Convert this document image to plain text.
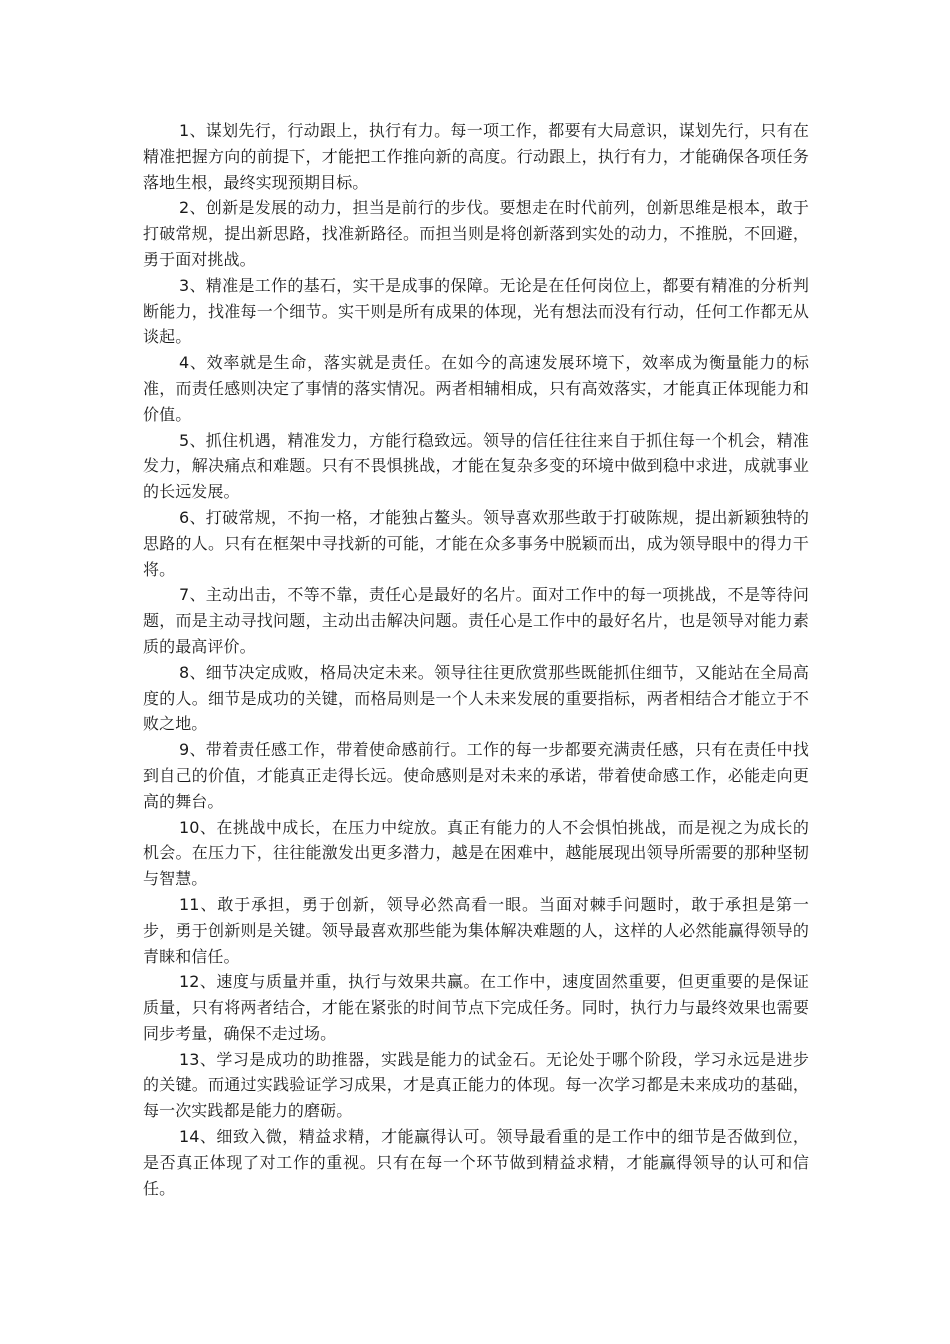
1、谋划先行，行动跟上，执行有力。每一项工作，都要有大局意识，谋划先行，只有在精准把握方向的前提下，才能把工作推向新的高度。行动跟上，执行有力，才能确保各项任务落地生根，最终实现预期目标。

2、创新是发展的动力，担当是前行的步伐。要想走在时代前列，创新思维是根本，敢于打破常规，提出新思路，找准新路径。而担当则是将创新落到实处的动力，不推脱，不回避，勇于面对挑战。

3、精准是工作的基石，实干是成事的保障。无论是在任何岗位上，都要有精准的分析判断能力，找准每一个细节。实干则是所有成果的体现，光有想法而没有行动，任何工作都无从谈起。

4、效率就是生命，落实就是责任。在如今的高速发展环境下，效率成为衡量能力的标准，而责任感则决定了事情的落实情况。两者相辅相成，只有高效落实，才能真正体现能力和价值。

5、抓住机遇，精准发力，方能行稳致远。领导的信任往往来自于抓住每一个机会，精准发力，解决痛点和难题。只有不畏惧挑战，才能在复杂多变的环境中做到稳中求进，成就事业的长远发展。

6、打破常规，不拘一格，才能独占鳌头。领导喜欢那些敢于打破陈规，提出新颖独特的思路的人。只有在框架中寻找新的可能，才能在众多事务中脱颖而出，成为领导眼中的得力干将。

7、主动出击，不等不靠，责任心是最好的名片。面对工作中的每一项挑战，不是等待问题，而是主动寻找问题，主动出击解决问题。责任心是工作中的最好名片，也是领导对能力素质的最高评价。

8、细节决定成败，格局决定未来。领导往往更欣赏那些既能抓住细节，又能站在全局高度的人。细节是成功的关键，而格局则是一个人未来发展的重要指标，两者相结合才能立于不败之地。

9、带着责任感工作，带着使命感前行。工作的每一步都要充满责任感，只有在责任中找到自己的价值，才能真正走得长远。使命感则是对未来的承诺，带着使命感工作，必能走向更高的舞台。

10、在挑战中成长，在压力中绽放。真正有能力的人不会惧怕挑战，而是视之为成长的机会。在压力下，往往能激发出更多潜力，越是在困难中，越能展现出领导所需要的那种坚韧与智慧。

11、敢于承担，勇于创新，领导必然高看一眼。当面对棘手问题时，敢于承担是第一步，勇于创新则是关键。领导最喜欢那些能为集体解决难题的人，这样的人必然能赢得领导的青睐和信任。

12、速度与质量并重，执行与效果共赢。在工作中，速度固然重要，但更重要的是保证质量，只有将两者结合，才能在紧张的时间节点下完成任务。同时，执行力与最终效果也需要同步考量，确保不走过场。

13、学习是成功的助推器，实践是能力的试金石。无论处于哪个阶段，学习永远是进步的关键。而通过实践验证学习成果，才是真正能力的体现。每一次学习都是未来成功的基础，每一次实践都是能力的磨砺。

14、细致入微，精益求精，才能赢得认可。领导最看重的是工作中的细节是否做到位，是否真正体现了对工作的重视。只有在每一个环节做到精益求精，才能赢得领导的认可和信任。
